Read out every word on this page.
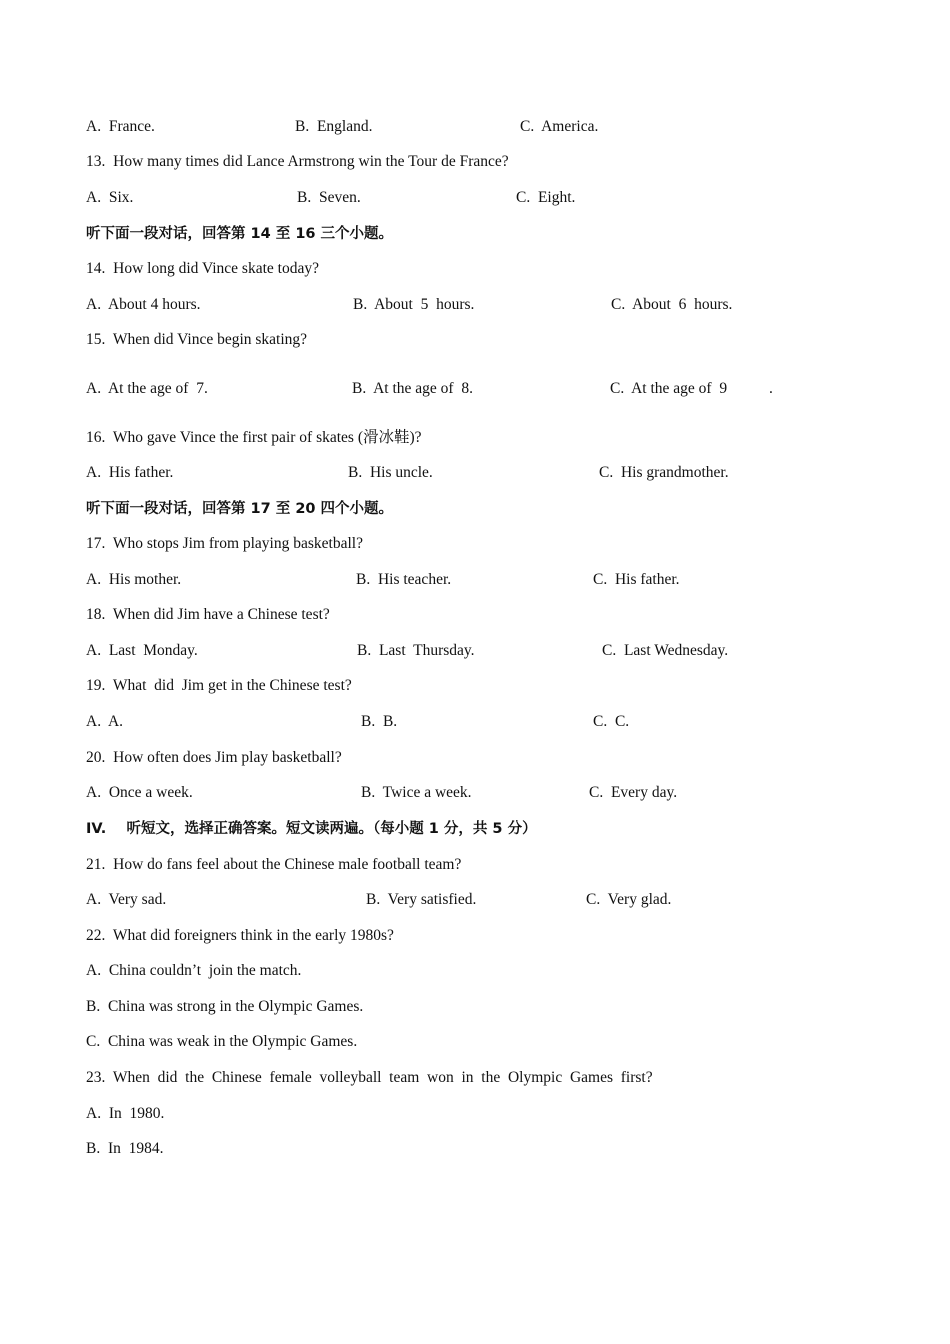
A.  France.	B.  England.	C.  America.
13.  How many times did Lance Armstrong win the Tour de France?
A.  Six.	B.  Seven.	C.  Eight.
听下面一段对话，回答第 14 至 16 三个小题。
14.  How long did Vince skate today?
A.  About 4 hours.	B.  About  5  hours.	C.  About  6  hours.
15.  When did Vince begin skating?
A.  At the age of  7.	B.  At the age of  8.	C.  At the age of  9	.
16.  Who gave Vince the first pair of skates (滑冰鞋)?
A.  His father.	B.  His uncle.	C.  His grandmother.
听下面一段对话，回答第 17 至 20 四个小题。
17.  Who stops Jim from playing basketball?
A.  His mother.	B.  His teacher.	C.  His father.
18.  When did Jim have a Chinese test?
A.  Last  Monday.	B.  Last  Thursday.	C.  Last Wednesday.
19.  What  did  Jim get in the Chinese test?
A.  A.	B.  B.	C.  C.
20.  How often does Jim play basketball?
A.  Once a week.	B.  Twice a week.	C.  Every day.
IV.    听短文，选择正确答案。短文读两遍。（每小题 1 分，共 5 分）
21.  How do fans feel about the Chinese male football team?
A.  Very sad.	B.  Very satisfied.	C.  Very glad.
22.  What did foreigners think in the early 1980s?
A.  China couldn’t  join the match.
B.  China was strong in the Olympic Games.
C.  China was weak in the Olympic Games.
23.  When  did  the  Chinese  female  volleyball  team  won  in  the  Olympic  Games  first?
A.  In  1980.
B.  In  1984.
